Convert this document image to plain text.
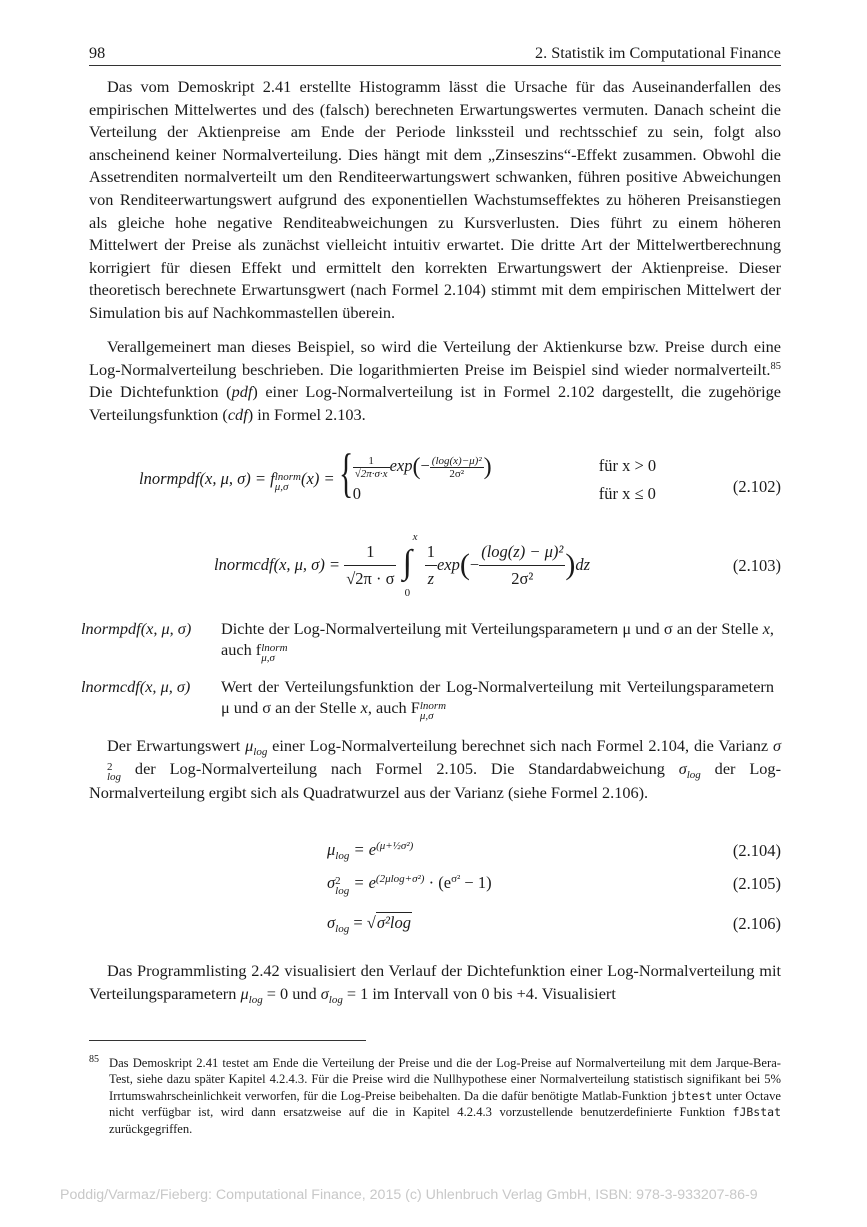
98	2. Statistik im Computational Finance

Das vom Demoskript 2.41 erstellte Histogramm lässt die Ursache für das Auseinanderfallen des empirischen Mittelwertes und des (falsch) berechneten Erwartungswertes vermuten. Danach scheint die Verteilung der Aktienpreise am Ende der Periode linkssteil und rechtsschief zu sein, folgt also anscheinend keiner Normalverteilung. Dies hängt mit dem „Zinseszins“-Effekt zusammen. Obwohl die Assetrenditen normalverteilt um den Renditeerwartungswert schwanken, führen positive Abweichungen von Renditeerwartungswert aufgrund des exponentiellen Wachstumseffektes zu höheren Preisanstiegen als gleiche hohe negative Renditeabweichungen zu Kursverlusten. Dies führt zu einem höheren Mittelwert der Preise als zunächst vielleicht intuitiv erwartet. Die dritte Art der Mittelwertberechnung korrigiert für diesen Effekt und ermittelt den korrekten Erwartungswert der Aktienpreise. Dieser theoretisch berechnete Erwartunsgwert (nach Formel 2.104) stimmt mit dem empirischen Mittelwert der Simulation bis auf Nachkommastellen überein.

Verallgemeinert man dieses Beispiel, so wird die Verteilung der Aktienkurse bzw. Preise durch eine Log-Normalverteilung beschrieben. Die logarithmierten Preise im Beispiel sind wieder normalverteilt.$^{85}$ Die Dichtefunktion (pdf) einer Log-Normalverteilung ist in Formel 2.102 dargestellt, die zugehörige Verteilungsfunktion (cdf) in Formel 2.103.

lnormpdf(x, μ, σ) = f lnorm
μ,σ (x) = { $\frac{1}{√2\pi\cdot\sigma\cdot x} \exp(- \frac{\text{(log(x)−μ)²}}{\text{2σ²}}$ )	für x > 0
0	für x ≤ 0	(2.102)
lnormcdf(x, μ, $\sigma) = \frac{1}{√2\pi \cdot \sigma}$
∫
x
0

$\frac{1}{z} \exp(- \frac{\text{(log(z) − μ)²}}{\text{2σ²}} )dz$	(2.103)
lnormpdf(x, μ, σ)	Dichte der Log-Normalverteilung mit Verteilungsparametern μ und σ an der Stelle x, auch f lnorm
μ,σ
lnormcdf(x, μ, σ)	Wert der Verteilungsfunktion der Log-Normalverteilung mit Verteilungsparametern μ und σ an der Stelle x, auch F lnorm
μ,σ

Der Erwartungswert $\mu_{log}$ einer Log-Normalverteilung berechnet sich nach Formel 2.104, die Varianz σ
2
log der Log-Normalverteilung nach Formel 2.105. Die Standardabweichung $\sigma_{log}$ der Log-Normalverteilung ergibt sich als Quadratwurzel aus der Varianz (siehe Formel 2.106).

$\mu_{log} = e^{(\mu+\frac{1}{2}\sigma^2)}$	(2.104)
σ 2
$\log = e^{(2\mu log+\sigma^2)} \cdot (e^{\sigma^2} - 1)$	(2.105)
$\sigma_{log} = √\sigma^2\log$	(2.106)

Das Programmlisting 2.42 visualisiert den Verlauf der Dichtefunktion einer Log-Normalverteilung mit Verteilungsparametern $\mu_{log} = 0$ und $\sigma_{log} = 1$ im Intervall von 0 bis +4. Visualisiert

85 Das Demoskript 2.41 testet am Ende die Verteilung der Preise und die der Log-Preise auf Normalverteilung mit dem Jarque-Bera-Test, siehe dazu später Kapitel 4.2.4.3. Für die Preise wird die Nullhypothese einer Normalverteilung statistisch signifikant bei 5% Irrtumswahrscheinlichkeit verworfen, für die Log-Preise beibehalten. Da die dafür benötigte Matlab-Funktion jbtest unter Octave nicht verfügbar ist, wird dann ersatzweise auf die in Kapitel 4.2.4.3 vorzustellende benutzerdefinierte Funktion fJBstat zurückgegriffen.
Poddig/Varmaz/Fieberg: Computational Finance, 2015 (c) Uhlenbruch Verlag GmbH, ISBN: 978-3-933207-86-9
